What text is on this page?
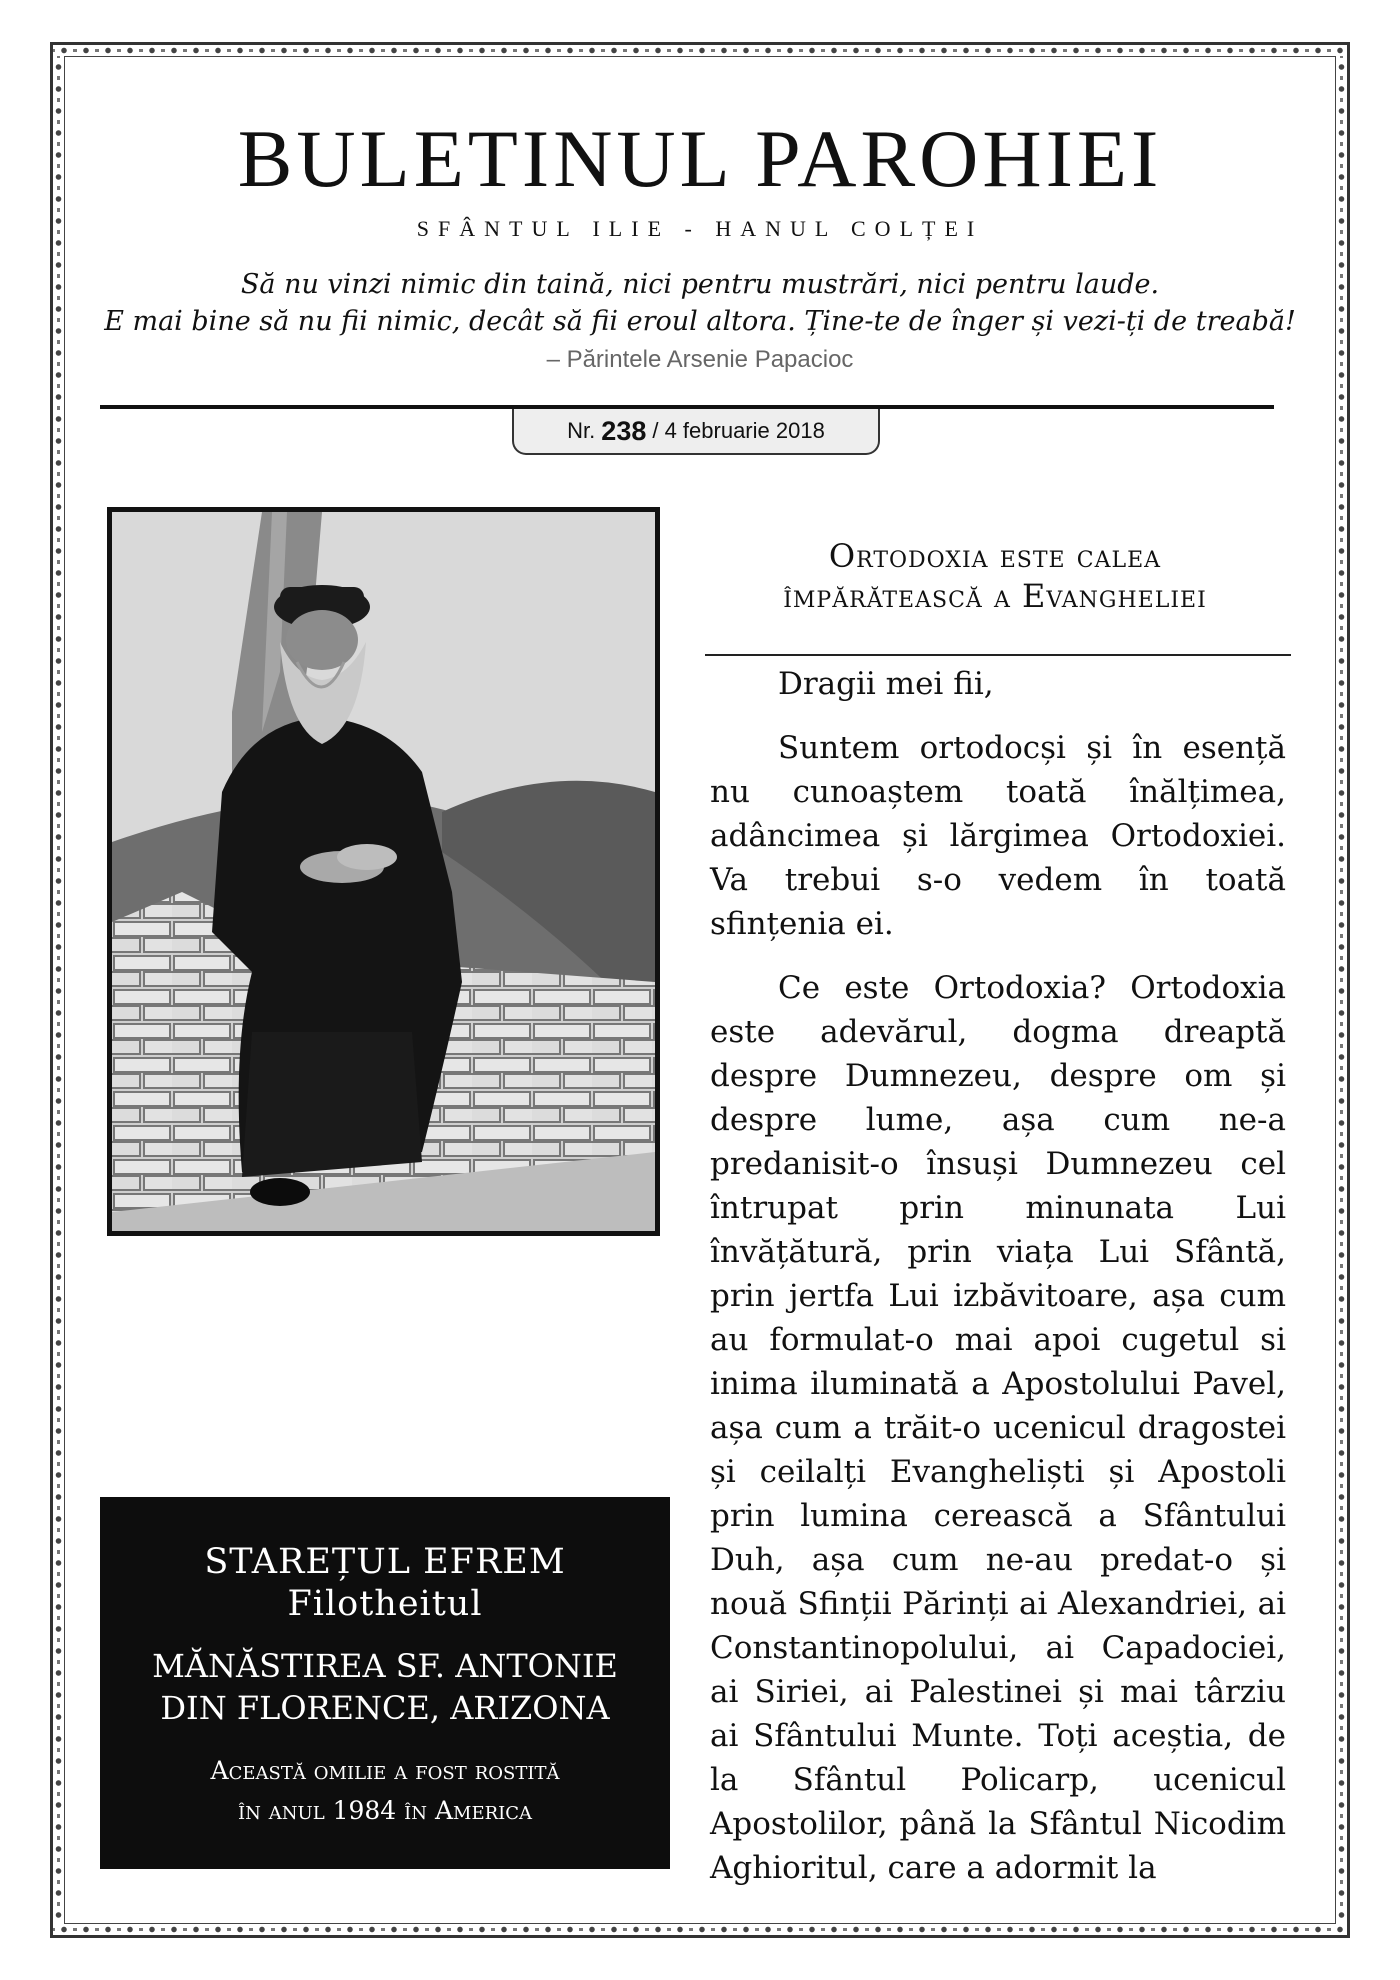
BULETINUL PAROHIEI
SFÂNTUL ILIE - HANUL COLȚEI
Să nu vinzi nimic din taină, nici pentru mustrări, nici pentru laude.
E mai bine să nu fii nimic, decât să fii eroul altora. Ține-te de înger și vezi-ți de treabă!
– Părintele Arsenie Papacioc
Nr. 238 / 4 februarie 2018
STAREȚUL EFREM
Filotheitul
MĂNĂSTIREA SF. ANTONIE
DIN FLORENCE, ARIZONA
Această omilie a fost rostită
în anul 1984 în America
Ortodoxia este calea
împărătească a Evangheliei

Dragii mei fii,

Suntem ortodocși și în esență nu cunoaștem toată înălțimea, adâncimea și lărgimea Ortodoxiei. Va trebui s-o vedem în toată sfințenia ei.

Ce este Ortodoxia? Ortodoxia este adevărul, dogma dreaptă despre Dumnezeu, despre om și despre lume, așa cum ne-a predanisit-o însuși Dumnezeu cel întrupat prin minunata Lui învățătură, prin viața Lui Sfântă, prin jertfa Lui izbăvitoare, așa cum au formulat-o mai apoi cugetul si inima iluminată a Apostolului Pavel, așa cum a trăit-o ucenicul dragostei și ceilalți Evangheliști și Apostoli prin lumina cerească a Sfântului Duh, așa cum ne-au predat-o și nouă Sfinții Părinți ai Alexandriei, ai Constantinopolului, ai Capadociei, ai Siriei, ai Palestinei și mai târziu ai Sfântului Munte. Toți aceștia, de la Sfântul Policarp, ucenicul Apostolilor, până la Sfântul Nicodim Aghioritul, care a adormit la
